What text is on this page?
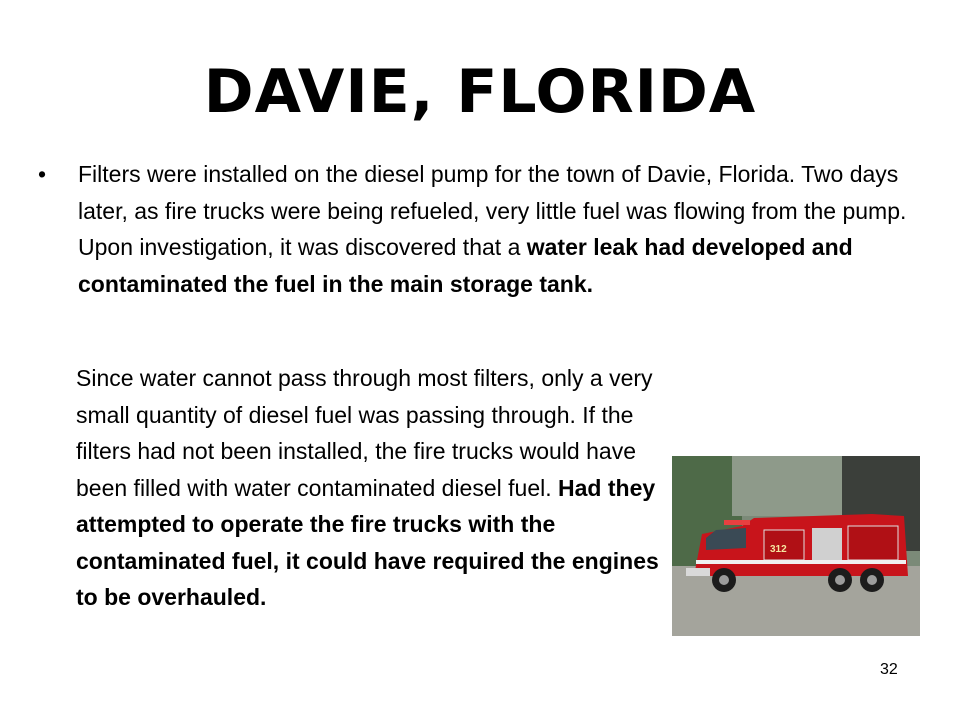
DAVIE, FLORIDA
•	Filters were installed on the diesel pump for the town of Davie, Florida. Two days later, as fire trucks were being refueled, very little fuel was flowing from the pump. Upon investigation, it was discovered that a water leak had developed and contaminated the fuel in the main storage tank.
Since water cannot pass through most filters, only a very small quantity of diesel fuel was passing through. If the filters had not been installed, the fire trucks would have been filled with water contaminated diesel fuel. Had they attempted to operate the fire trucks with the contaminated fuel, it could have required the engines to be overhauled.
312
32
